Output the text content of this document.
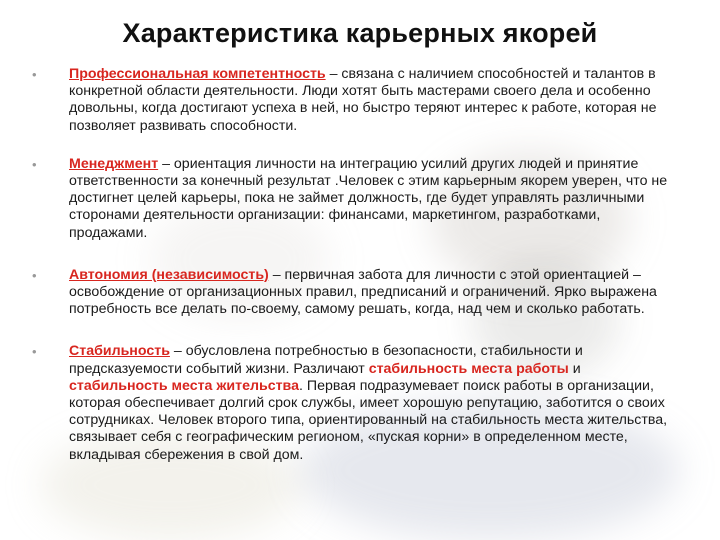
Характеристика карьерных якорей
• Профессиональная компетентность – связана с наличием способностей и талантов в конкретной области деятельности. Люди хотят быть мастерами своего дела и особенно довольны, когда достигают успеха в ней, но быстро теряют интерес к работе, которая не позволяет развивать способности.
• Менеджмент – ориентация личности на интеграцию усилий других людей и принятие ответственности за конечный результат .Человек с этим карьерным якорем уверен, что не достигнет целей карьеры, пока не займет должность, где будет управлять различными сторонами деятельности организации: финансами, маркетингом, разработками, продажами.
• Автономия (независимость) – первичная забота для личности с этой ориентацией – освобождение от организационных правил, предписаний и ограничений. Ярко выражена потребность все делать по-своему, самому решать, когда, над чем и сколько работать.
• Стабильность – обусловлена потребностью в безопасности, стабильности и предсказуемости событий жизни. Различают стабильность места работы и стабильность места жительства. Первая подразумевает поиск работы в организации, которая обеспечивает долгий срок службы, имеет хорошую репутацию, заботится о своих сотрудниках. Человек второго типа, ориентированный на стабильность места жительства, связывает себя с географическим регионом, «пуская корни» в определенном месте, вкладывая сбережения в свой дом.
